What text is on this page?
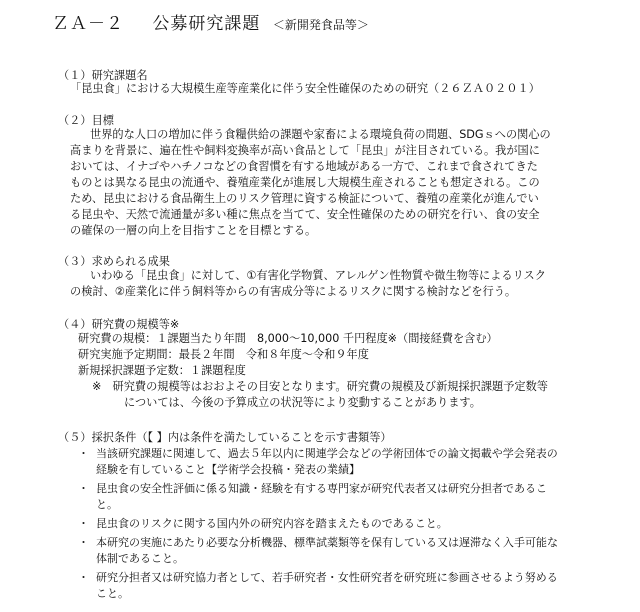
ＺＡ－２ 公募研究課題 ＜新開発食品等＞
（１）研究課題名
「昆虫食」における大規模生産等産業化に伴う安全性確保のための研究（２６ＺＡ０２０１）
（２）目標
世界的な人口の増加に伴う食糧供給の課題や家畜による環境負荷の問題、SDGｓへの関心の
高まりを背景に、遍在性や飼料変換率が高い食品として「昆虫」が注目されている。我が国に
おいては、イナゴやハチノコなどの食習慣を有する地域がある一方で、これまで食されてきた
ものとは異なる昆虫の流通や、養殖産業化が進展し大規模生産されることも想定される。この
ため、昆虫における食品衛生上のリスク管理に資する検証について、養殖の産業化が進んでい
る昆虫や、天然で流通量が多い種に焦点を当てて、安全性確保のための研究を行い、食の安全
の確保の一層の向上を目指すことを目標とする。
（３）求められる成果
いわゆる「昆虫食」に対して、①有害化学物質、アレルゲン性物質や微生物等によるリスク
の検討、②産業化に伴う飼料等からの有害成分等によるリスクに関する検討などを行う。
（４）研究費の規模等※
研究費の規模：１課題当たり年間　8,000～10,000 千円程度※（間接経費を含む）
研究実施予定期間：最長２年間　令和８年度～令和９年度
新規採択課題予定数：１課題程度
※　研究費の規模等はおおよその目安となります。研究費の規模及び新規採択課題予定数等
については、今後の予算成立の状況等により変動することがあります。
（５）採択条件（【 】内は条件を満たしていることを示す書類等）
・ 当該研究課題に関連して、過去５年以内に関連学会などの学術団体での論文掲載や学会発表の
経験を有していること【学術学会投稿・発表の業績】
・ 昆虫食の安全性評価に係る知識・経験を有する専門家が研究代表者又は研究分担者であるこ
と。
・ 昆虫食のリスクに関する国内外の研究内容を踏まえたものであること。
・ 本研究の実施にあたり必要な分析機器、標準試薬類等を保有している又は遅滞なく入手可能な
体制であること。
・ 研究分担者又は研究協力者として、若手研究者・女性研究者を研究班に参画させるよう努める
こと。
